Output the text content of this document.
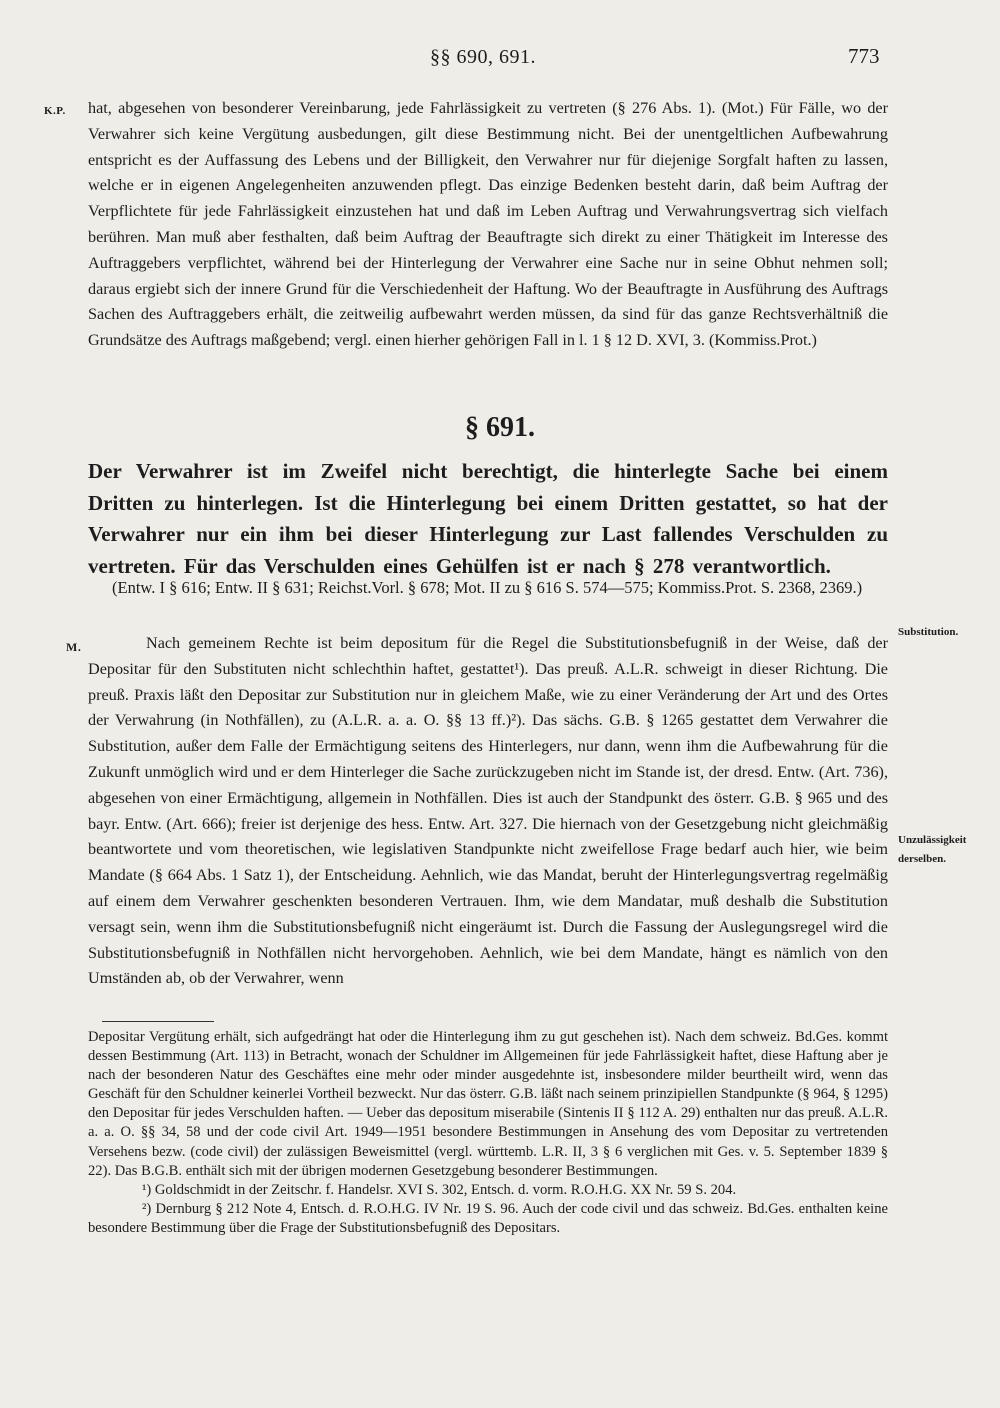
§§ 690, 691.	773
K.P. hat, abgesehen von besonderer Vereinbarung, jede Fahrlässigkeit zu vertreten (§ 276 Abs. 1). (Mot.) Für Fälle, wo der Verwahrer sich keine Vergütung ausbedungen, gilt diese Bestimmung nicht. Bei der unentgeltlichen Aufbewahrung entspricht es der Auffassung des Lebens und der Billigkeit, den Verwahrer nur für diejenige Sorgfalt haften zu lassen, welche er in eigenen Angelegenheiten anzuwenden pflegt. Das einzige Bedenken besteht darin, daß beim Auftrag der Verpflichtete für jede Fahrlässigkeit einzustehen hat und daß im Leben Auftrag und Verwahrungsvertrag sich vielfach berühren. Man muß aber festhalten, daß beim Auftrag der Beauftragte sich direkt zu einer Thätigkeit im Interesse des Auftraggebers verpflichtet, während bei der Hinterlegung der Verwahrer eine Sache nur in seine Obhut nehmen soll; daraus ergiebt sich der innere Grund für die Verschiedenheit der Haftung. Wo der Beauftragte in Ausführung des Auftrags Sachen des Auftraggebers erhält, die zeitweilig aufbewahrt werden müssen, da sind für das ganze Rechtsverhältniß die Grundsätze des Auftrags maßgebend; vergl. einen hierher gehörigen Fall in l. 1 § 12 D. XVI, 3. (Kommiss.Prot.)

§ 691.

Der Verwahrer ist im Zweifel nicht berechtigt, die hinterlegte Sache bei einem Dritten zu hinterlegen. Ist die Hinterlegung bei einem Dritten gestattet, so hat der Verwahrer nur ein ihm bei dieser Hinterlegung zur Last fallendes Verschulden zu vertreten. Für das Verschulden eines Gehülfen ist er nach § 278 verantwortlich.

(Entw. I § 616; Entw. II § 631; Reichst.Vorl. § 678; Mot. II zu § 616 S. 574—575; Kommiss.Prot. S. 2368, 2369.)

M.	Nach gemeinem Rechte ist beim depositum für die Regel die Substitutionsbefugniß in der Weise, daß der Depositar für den Substituten nicht schlechthin haftet, gestattet¹). Das preuß. A.L.R. schweigt in dieser Richtung. Die preuß. Praxis läßt den Depositar zur Substitution nur in gleichem Maße, wie zu einer Veränderung der Art und des Ortes der Verwahrung (in Nothfällen), zu (A.L.R. a. a. O. §§ 13 ff.)²). Das sächs. G.B. § 1265 gestattet dem Verwahrer die Substitution, außer dem Falle der Ermächtigung seitens des Hinterlegers, nur dann, wenn ihm die Aufbewahrung für die Zukunft unmöglich wird und er dem Hinterleger die Sache zurückzugeben nicht im Stande ist, der dresd. Entw. (Art. 736), abgesehen von einer Ermächtigung, allgemein in Nothfällen. Dies ist auch der Standpunkt des österr. G.B. § 965 und des bayr. Entw. (Art. 666); freier ist derjenige des hess. Entw. Art. 327. Die hiernach von der Gesetzgebung nicht gleichmäßig beantwortete und vom theoretischen, wie legislativen Standpunkte nicht zweifellose Frage bedarf auch hier, wie beim Mandate (§ 664 Abs. 1 Satz 1), der Entscheidung. Aehnlich, wie das Mandat, beruht der Hinterlegungsvertrag regelmäßig auf einem dem Verwahrer geschenkten besonderen Vertrauen. Ihm, wie dem Mandatar, muß deshalb die Substitution versagt sein, wenn ihm die Substitutionsbefugniß nicht eingeräumt ist. Durch die Fassung der Auslegungsregel wird die Substitutionsbefugniß in Nothfällen nicht hervorgehoben. Aehnlich, wie bei dem Mandate, hängt es nämlich von den Umständen ab, ob der Verwahrer, wenn

Substitution.
Unzulässigkeit
derselben.

Depositar Vergütung erhält, sich aufgedrängt hat oder die Hinterlegung ihm zu gut geschehen ist). Nach dem schweiz. Bd.Ges. kommt dessen Bestimmung (Art. 113) in Betracht, wonach der Schuldner im Allgemeinen für jede Fahrlässigkeit haftet, diese Haftung aber je nach der besonderen Natur des Geschäftes eine mehr oder minder ausgedehnte ist, insbesondere milder beurtheilt wird, wenn das Geschäft für den Schuldner keinerlei Vortheil bezweckt. Nur das österr. G.B. läßt nach seinem prinzipiellen Standpunkte (§ 964, § 1295) den Depositar für jedes Verschulden haften. — Ueber das depositum miserabile (Sintenis II § 112 A. 29) enthalten nur das preuß. A.L.R. a. a. O. §§ 34, 58 und der code civil Art. 1949—1951 besondere Bestimmungen in Ansehung des vom Depositar zu vertretenden Versehens bezw. (code civil) der zulässigen Beweismittel (vergl. württemb. L.R. II, 3 § 6 verglichen mit Ges. v. 5. September 1839 § 22). Das B.G.B. enthält sich mit der übrigen modernen Gesetzgebung besonderer Bestimmungen.

¹) Goldschmidt in der Zeitschr. f. Handelsr. XVI S. 302, Entsch. d. vorm. R.O.H.G. XX Nr. 59 S. 204.

²) Dernburg § 212 Note 4, Entsch. d. R.O.H.G. IV Nr. 19 S. 96. Auch der code civil und das schweiz. Bd.Ges. enthalten keine besondere Bestimmung über die Frage der Substitutionsbefugniß des Depositars.
